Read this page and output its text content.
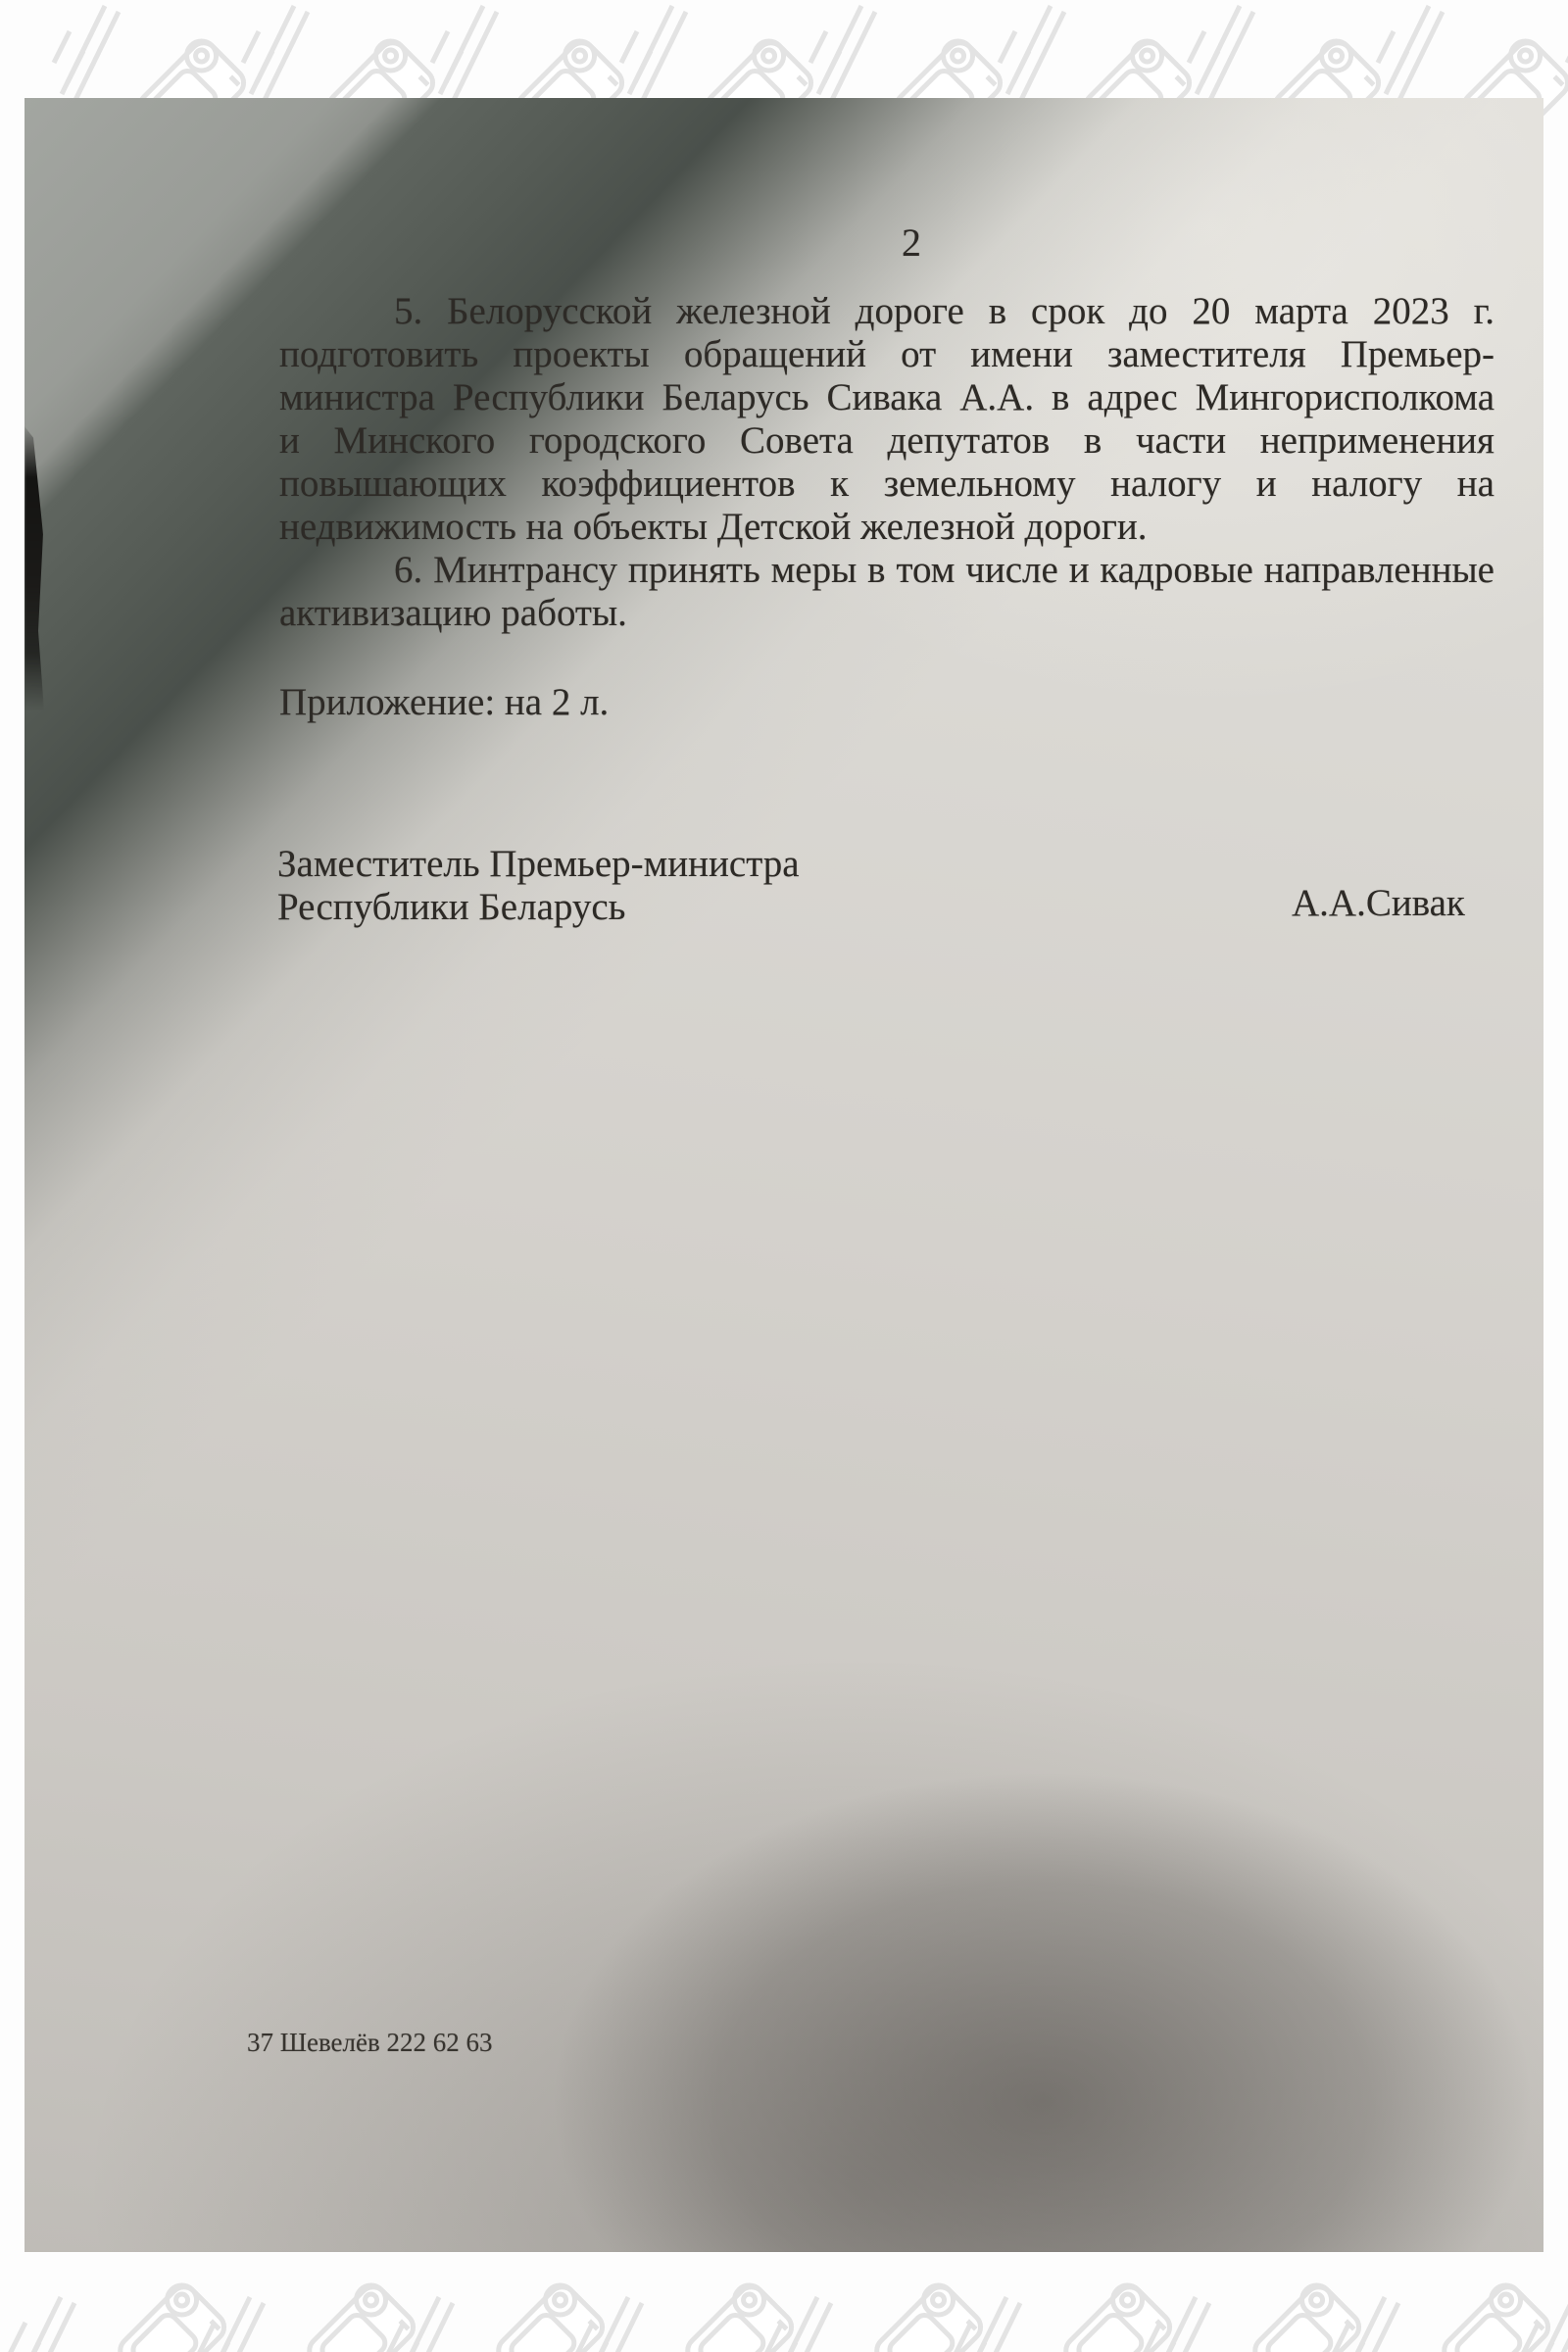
2
5. Белорусской железной дороге в срок до 20 марта 2023 г.
подготовить проекты обращений от имени заместителя Премьер-
министра Республики Беларусь Сивака А.А. в адрес Мингорисполкома
и Минского городского Совета депутатов в части неприменения
повышающих коэффициентов к земельному налогу и налогу на
недвижимость на объекты Детской железной дороги.
6. Минтрансу принять меры в том числе и кадровые направленные
активизацию работы.
Приложение: на 2 л.
Заместитель Премьер-министра
Республики Беларусь	А.А.Сивак
37 Шевелёв 222 62 63
